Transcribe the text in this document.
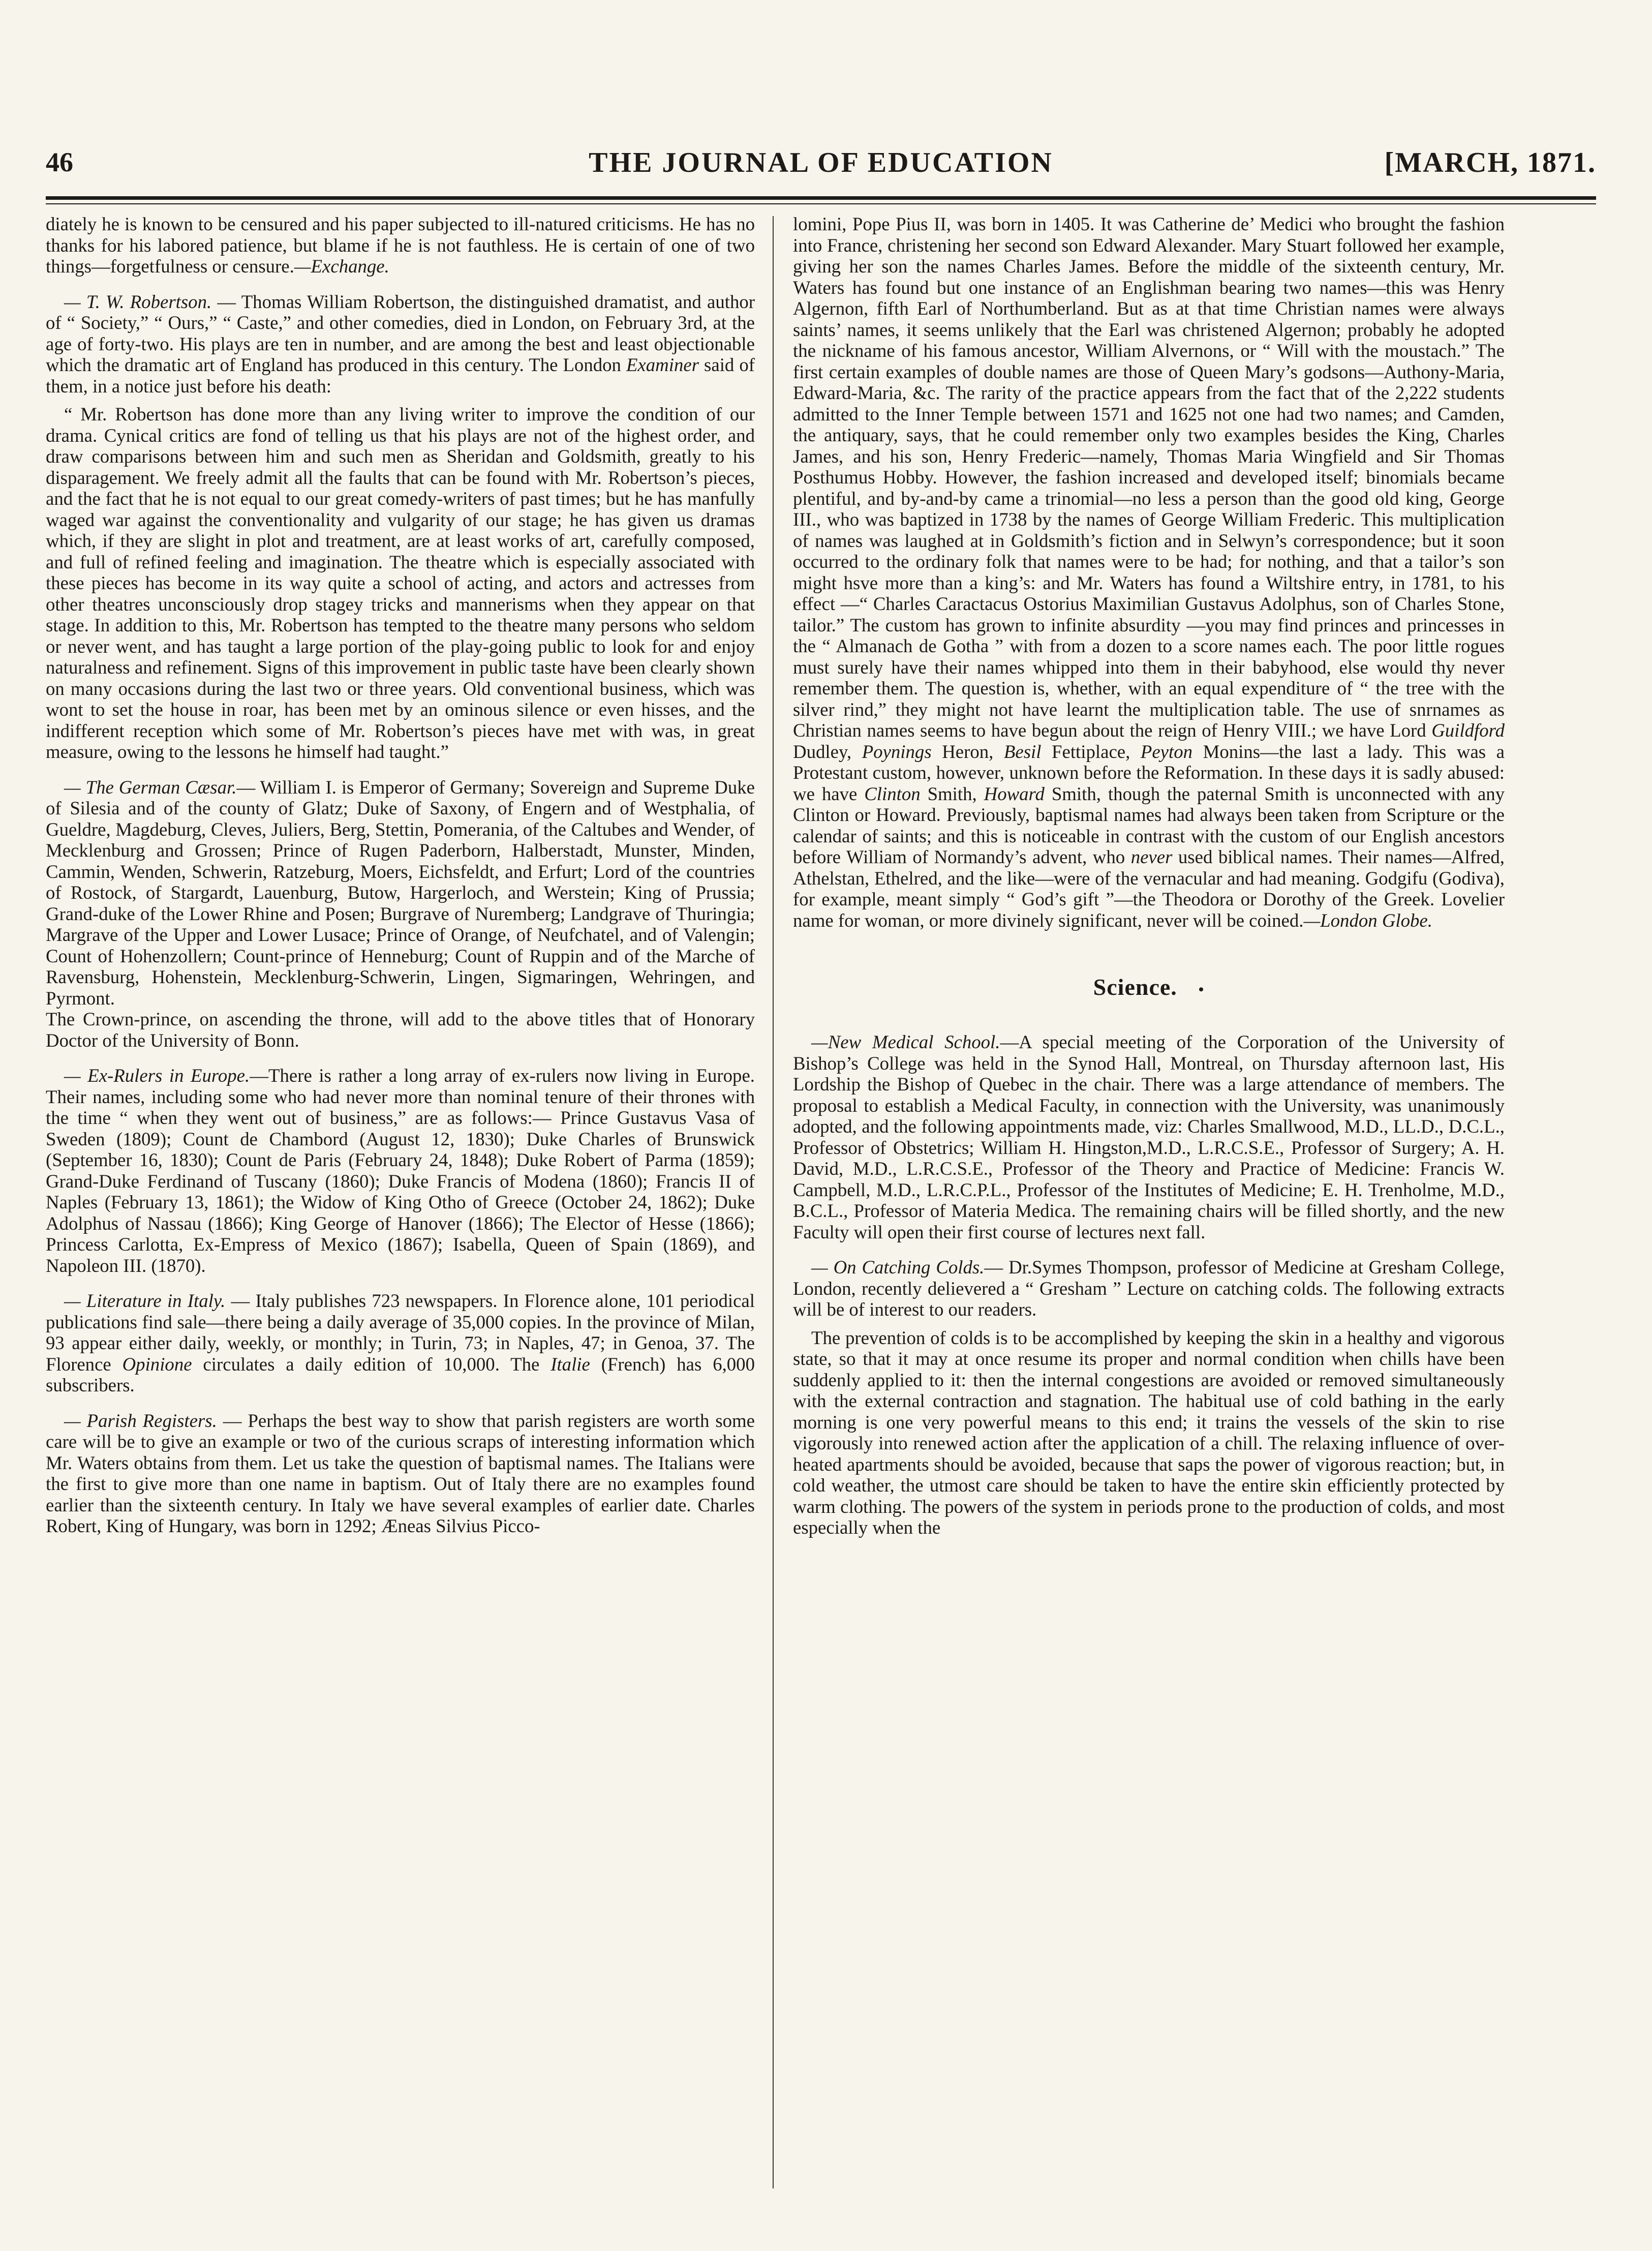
46	THE JOURNAL OF EDUCATION	[MARCH, 1871.

diately he is known to be censured and his paper subjected to ill-natured criticisms. He has no thanks for his labored patience, but blame if he is not fauthless. He is certain of one of two things—forgetfulness or censure.—Exchange.

— T. W. Robertson. — Thomas William Robertson, the distinguished dramatist, and author of “ Society,” “ Ours,” “ Caste,” and other comedies, died in London, on February 3rd, at the age of forty-two. His plays are ten in number, and are among the best and least objectionable which the dramatic art of England has produced in this century. The London Examiner said of them, in a notice just before his death:

“ Mr. Robertson has done more than any living writer to improve the condition of our drama. Cynical critics are fond of telling us that his plays are not of the highest order, and draw comparisons between him and such men as Sheridan and Goldsmith, greatly to his disparagement. We freely admit all the faults that can be found with Mr. Robertson’s pieces, and the fact that he is not equal to our great comedy-writers of past times; but he has manfully waged war against the conventionality and vulgarity of our stage; he has given us dramas which, if they are slight in plot and treatment, are at least works of art, carefully composed, and full of refined feeling and imagination. The theatre which is especially associated with these pieces has become in its way quite a school of acting, and actors and actresses from other theatres unconsciously drop stagey tricks and mannerisms when they appear on that stage. In addition to this, Mr. Robertson has tempted to the theatre many persons who seldom or never went, and has taught a large portion of the play-going public to look for and enjoy naturalness and refinement. Signs of this improvement in public taste have been clearly shown on many occasions during the last two or three years. Old conventional business, which was wont to set the house in roar, has been met by an ominous silence or even hisses, and the indifferent reception which some of Mr. Robertson’s pieces have met with was, in great measure, owing to the lessons he himself had taught.”

— The German Cæsar.— William I. is Emperor of Germany; Sovereign and Supreme Duke of Silesia and of the county of Glatz; Duke of Saxony, of Engern and of Westphalia, of Gueldre, Magdeburg, Cleves, Juliers, Berg, Stettin, Pomerania, of the Caltubes and Wender, of Mecklenburg and Grossen; Prince of Rugen Paderborn, Halberstadt, Munster, Minden, Cammin, Wenden, Schwerin, Ratzeburg, Moers, Eichsfeldt, and Erfurt; Lord of the countries of Rostock, of Stargardt, Lauenburg, Butow, Hargerloch, and Werstein; King of Prussia; Grand-duke of the Lower Rhine and Posen; Burgrave of Nuremberg; Landgrave of Thuringia; Margrave of the Upper and Lower Lusace; Prince of Orange, of Neufchatel, and of Valengin; Count of Hohenzollern; Count-prince of Henneburg; Count of Ruppin and of the Marche of Ravensburg, Hohenstein, Mecklenburg-Schwerin, Lingen, Sigmaringen, Wehringen, and Pyrmont.

The Crown-prince, on ascending the throne, will add to the above titles that of Honorary Doctor of the University of Bonn.

— Ex-Rulers in Europe.—There is rather a long array of ex-rulers now living in Europe. Their names, including some who had never more than nominal tenure of their thrones with the time “ when they went out of business,” are as follows:— Prince Gustavus Vasa of Sweden (1809); Count de Chambord (August 12, 1830); Duke Charles of Brunswick (September 16, 1830); Count de Paris (February 24, 1848); Duke Robert of Parma (1859); Grand-Duke Ferdinand of Tuscany (1860); Duke Francis of Modena (1860); Francis II of Naples (February 13, 1861); the Widow of King Otho of Greece (October 24, 1862); Duke Adolphus of Nassau (1866); King George of Hanover (1866); The Elector of Hesse (1866); Princess Carlotta, Ex-Empress of Mexico (1867); Isabella, Queen of Spain (1869), and Napoleon III. (1870).

— Literature in Italy. — Italy publishes 723 newspapers. In Florence alone, 101 periodical publications find sale—there being a daily average of 35,000 copies. In the province of Milan, 93 appear either daily, weekly, or monthly; in Turin, 73; in Naples, 47; in Genoa, 37. The Florence Opinione circulates a daily edition of 10,000. The Italie (French) has 6,000 subscribers.

— Parish Registers. — Perhaps the best way to show that parish registers are worth some care will be to give an example or two of the curious scraps of interesting information which Mr. Waters obtains from them. Let us take the question of baptismal names. The Italians were the first to give more than one name in baptism. Out of Italy there are no examples found earlier than the sixteenth century. In Italy we have several examples of earlier date. Charles Robert, King of Hungary, was born in 1292; Æneas Silvius Picco-

lomini, Pope Pius II, was born in 1405. It was Catherine de’ Medici who brought the fashion into France, christening her second son Edward Alexander. Mary Stuart followed her example, giving her son the names Charles James. Before the middle of the sixteenth century, Mr. Waters has found but one instance of an Englishman bearing two names—this was Henry Algernon, fifth Earl of Northumberland. But as at that time Christian names were always saints’ names, it seems unlikely that the Earl was christened Algernon; probably he adopted the nickname of his famous ancestor, William Alvernons, or “ Will with the moustach.” The first certain examples of double names are those of Queen Mary’s godsons—Authony-Maria, Edward-Maria, &c. The rarity of the practice appears from the fact that of the 2,222 students admitted to the Inner Temple between 1571 and 1625 not one had two names; and Camden, the antiquary, says, that he could remember only two examples besides the King, Charles James, and his son, Henry Frederic—namely, Thomas Maria Wingfield and Sir Thomas Posthumus Hobby. However, the fashion increased and developed itself; binomials became plentiful, and by-and-by came a trinomial—no less a person than the good old king, George III., who was baptized in 1738 by the names of George William Frederic. This multiplication of names was laughed at in Goldsmith’s fiction and in Selwyn’s correspondence; but it soon occurred to the ordinary folk that names were to be had; for nothing, and that a tailor’s son might hsve more than a king’s: and Mr. Waters has found a Wiltshire entry, in 1781, to his effect —“ Charles Caractacus Ostorius Maximilian Gustavus Adolphus, son of Charles Stone, tailor.” The custom has grown to infinite absurdity —you may find princes and princesses in the “ Almanach de Gotha ” with from a dozen to a score names each. The poor little rogues must surely have their names whipped into them in their babyhood, else would thy never remember them. The question is, whether, with an equal expenditure of “ the tree with the silver rind,” they might not have learnt the multiplication table. The use of snrnames as Christian names seems to have begun about the reign of Henry VIII.; we have Lord Guildford Dudley, Poynings Heron, Besil Fettiplace, Peyton Monins—the last a lady. This was a Protestant custom, however, unknown before the Reformation. In these days it is sadly abused: we have Clinton Smith, Howard Smith, though the paternal Smith is unconnected with any Clinton or Howard. Previously, baptismal names had always been taken from Scripture or the calendar of saints; and this is noticeable in contrast with the custom of our English ancestors before William of Normandy’s advent, who never used biblical names. Their names—Alfred, Athelstan, Ethelred, and the like—were of the vernacular and had meaning. Godgifu (Godiva), for example, meant simply “ God’s gift ”—the Theodora or Dorothy of the Greek. Lovelier name for woman, or more divinely significant, never will be coined.—London Globe.

Science. •

—New Medical School.—A special meeting of the Corporation of the University of Bishop’s College was held in the Synod Hall, Montreal, on Thursday afternoon last, His Lordship the Bishop of Quebec in the chair. There was a large attendance of members. The proposal to establish a Medical Faculty, in connection with the University, was unanimously adopted, and the following appointments made, viz: Charles Smallwood, M.D., LL.D., D.C.L., Professor of Obstetrics; William H. Hingston,M.D., L.R.C.S.E., Professor of Surgery; A. H. David, M.D., L.R.C.S.E., Professor of the Theory and Practice of Medicine: Francis W. Campbell, M.D., L.R.C.P.L., Professor of the Institutes of Medicine; E. H. Trenholme, M.D., B.C.L., Professor of Materia Medica. The remaining chairs will be filled shortly, and the new Faculty will open their first course of lectures next fall.

— On Catching Colds.— Dr.Symes Thompson, professor of Medicine at Gresham College, London, recently delievered a “ Gresham ” Lecture on catching colds. The following extracts will be of interest to our readers.

The prevention of colds is to be accomplished by keeping the skin in a healthy and vigorous state, so that it may at once resume its proper and normal condition when chills have been suddenly applied to it: then the internal congestions are avoided or removed simultaneously with the external contraction and stagnation. The habitual use of cold bathing in the early morning is one very powerful means to this end; it trains the vessels of the skin to rise vigorously into renewed action after the application of a chill. The relaxing influence of over-heated apartments should be avoided, because that saps the power of vigorous reaction; but, in cold weather, the utmost care should be taken to have the entire skin efficiently protected by warm clothing. The powers of the system in periods prone to the production of colds, and most especially when the
